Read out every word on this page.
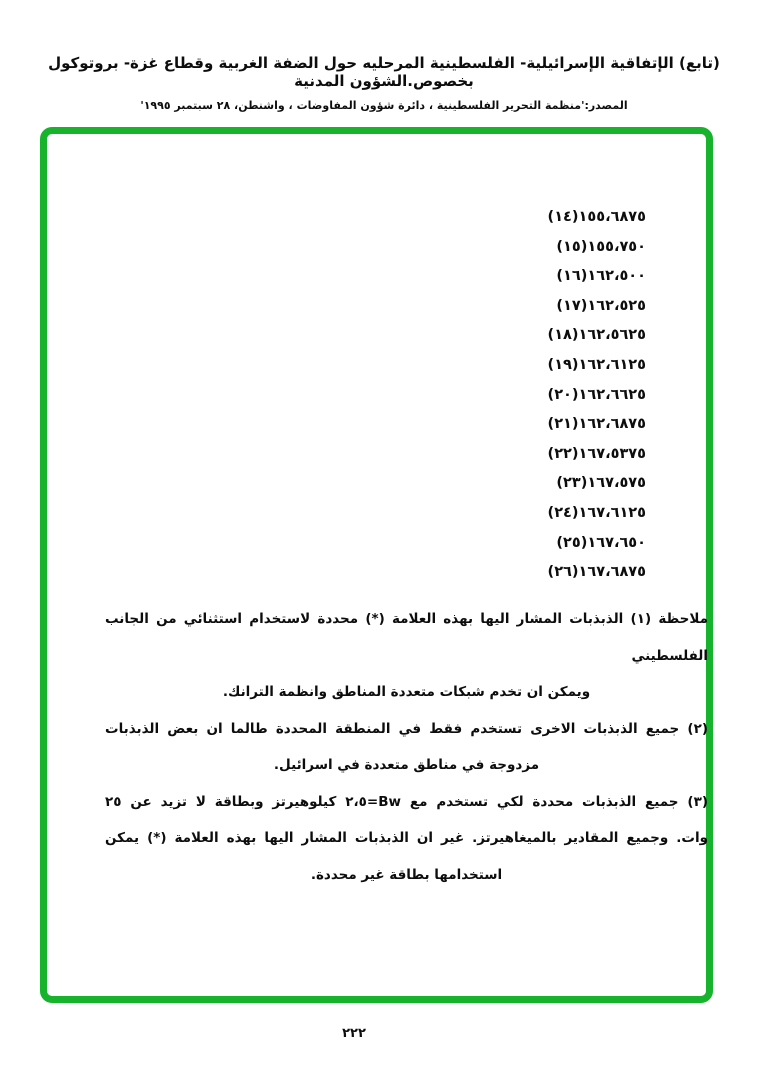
(تابع) الإتفاقية الإسرائيلية- الفلسطينية المرحليه حول الضفة الغربية وقطاع غزة- بروتوكول بخصوص.الشؤون المدنية
المصدر:'منظمة التحرير الفلسطينية ، دائرة شؤون المفاوضات ، واشنطن، ٢٨ سبتمبر ١٩٩٥'
١٥٥،٦٨٧٥(١٤)
١٥٥،٧٥٠(١٥)
١٦٢،٥٠٠(١٦)
١٦٢،٥٢٥(١٧)
١٦٢،٥٦٢٥(١٨)
١٦٢،٦١٢٥(١٩)
١٦٢،٦٦٢٥(٢٠)
١٦٢،٦٨٧٥(٢١)
١٦٧،٥٣٧٥(٢٢)
١٦٧،٥٧٥(٢٣)
١٦٧،٦١٢٥(٢٤)
١٦٧،٦٥٠(٢٥)
١٦٧،٦٨٧٥(٢٦)
ملاحظة (١) الذبذبات المشار اليها بهذه العلامة (*) محددة لاستخدام استثنائي من الجانب الفلسطيني
ويمكن ان تخدم شبكات متعددة المناطق وانظمة الترانك.
(٢) جميع الذبذبات الاخرى تستخدم فقط في المنطقة المحددة طالما ان بعض الذبذبات
مزدوجة في مناطق متعددة في اسرائيل.
(٣) جميع الذبذبات محددة لكي تستخدم مع Bw=٢،٥ كيلوهيرتز وبطاقة لا تزيد عن ٢٥
وات. وجميع المقادير بالميغاهيرتز. غير ان الذبذبات المشار اليها بهذه العلامة (*) يمكن
استخدامها بطاقة غير محددة.
٢٢٢
